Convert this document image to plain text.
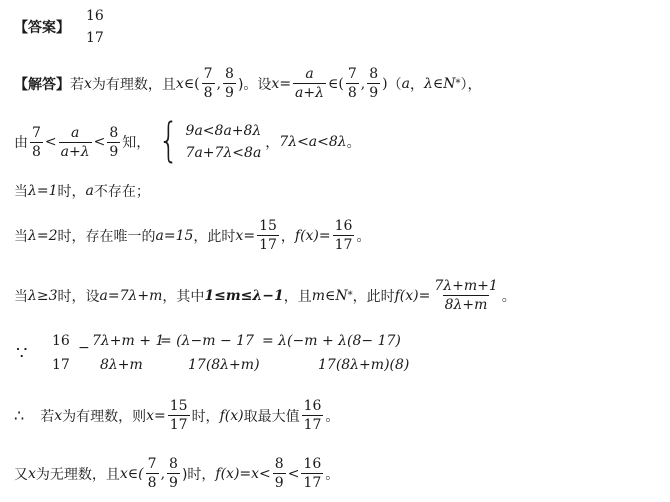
【答案】
16
17
【解答】 若 x 为有理数，且 x ∈( $\frac{7}{8}$ , $\frac{8}{9}$ )。设 $x = \frac{a}{a+\lambda}$ ∈( $\frac{7}{8}$ , $\frac{8}{9}$ ) （ a ， λ∈N * ），
由 $\frac{7}{8} < \frac{a}{a+\lambda} < \frac{8}{9}$ 知， { 9a<8a+8λ
7a+7λ<8a
， 7λ<a<8λ 。
当 λ=1 时， a 不存在；
当 λ=2 时，存在唯一的 a=15 ，此时 $x= \frac{15}{17}$ ， $f(x)= \frac{16}{17}$ 。
当 λ≥3 时，设 a=7λ+m ，其中 1≤m≤λ−1 ，且 m∈N * ，此时 $f(x)= \frac{7\lambda+m+1}{8\lambda+m}$ 。
∵
16
17
− 7λ+m + 1
8λ+m
= (λ−m − 17
17(8λ+m)
= λ(−m + λ(8− 17)
17(8λ+m)(8)
∴ 若 x 为有理数，则 $x= \frac{15}{17}$ 时， f(x) 取最大值 $\frac{16}{17}$ 。
又 x 为无理数，且 x∈( $\frac{7}{8}$ , $\frac{8}{9}$ )时， $f(x)=x< \frac{8}{9} < \frac{16}{17}$ 。
